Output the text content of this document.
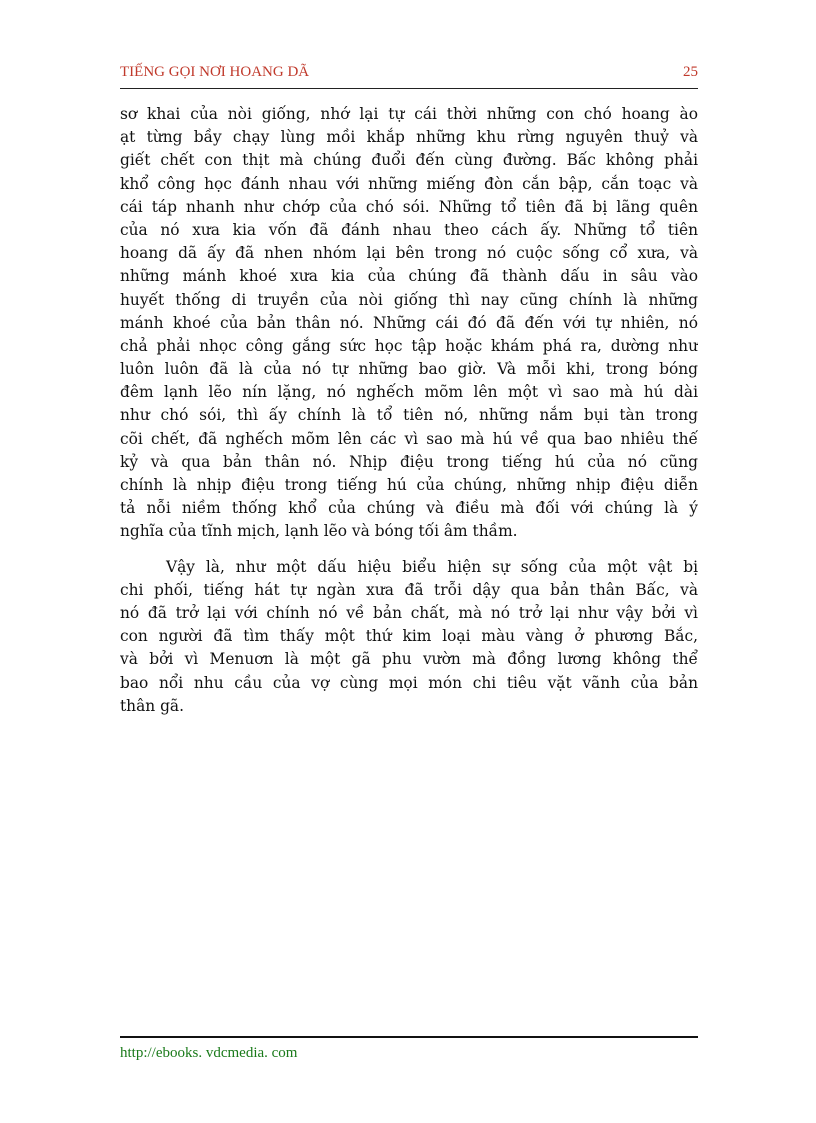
TIẾNG GỌI NƠI HOANG DÃ	25
sơ khai của nòi giống, nhớ lại tự cái thời những con chó hoang ào
ạt từng bầy chạy lùng mồi khắp những khu rừng nguyên thuỷ và
giết chết con thịt mà chúng đuổi đến cùng đường. Bấc không phải
khổ công học đánh nhau với những miếng đòn cắn bập, cắn toạc và
cái táp nhanh như chớp của chó sói. Những tổ tiên đã bị lãng quên
của nó xưa kia vốn đã đánh nhau theo cách ấy. Những tổ tiên
hoang dã ấy đã nhen nhóm lại bên trong nó cuộc sống cổ xưa, và
những mánh khoé xưa kia của chúng đã thành dấu in sâu vào
huyết thống di truyền của nòi giống thì nay cũng chính là những
mánh khoé của bản thân nó. Những cái đó đã đến với tự nhiên, nó
chả phải nhọc công gắng sức học tập hoặc khám phá ra, dường như
luôn luôn đã là của nó tự những bao giờ. Và mỗi khi, trong bóng
đêm lạnh lẽo nín lặng, nó nghếch mõm lên một vì sao mà hú dài
như chó sói, thì ấy chính là tổ tiên nó, những nắm bụi tàn trong
cõi chết, đã nghếch mõm lên các vì sao mà hú về qua bao nhiêu thế
kỷ và qua bản thân nó. Nhịp điệu trong tiếng hú của nó cũng
chính là nhịp điệu trong tiếng hú của chúng, những nhịp điệu diễn
tả nỗi niềm thống khổ của chúng và điều mà đối với chúng là ý
nghĩa của tĩnh mịch, lạnh lẽo và bóng tối âm thầm.
Vậy là, như một dấu hiệu biểu hiện sự sống của một vật bị
chi phối, tiếng hát tự ngàn xưa đã trỗi dậy qua bản thân Bấc, và
nó đã trở lại với chính nó về bản chất, mà nó trở lại như vậy bởi vì
con người đã tìm thấy một thứ kim loại màu vàng ở phương Bắc,
và bởi vì Menuơn là một gã phu vườn mà đồng lương không thể
bao nổi nhu cầu của vợ cùng mọi món chi tiêu vặt vãnh của bản
thân gã.
http://ebooks. vdcmedia. com
